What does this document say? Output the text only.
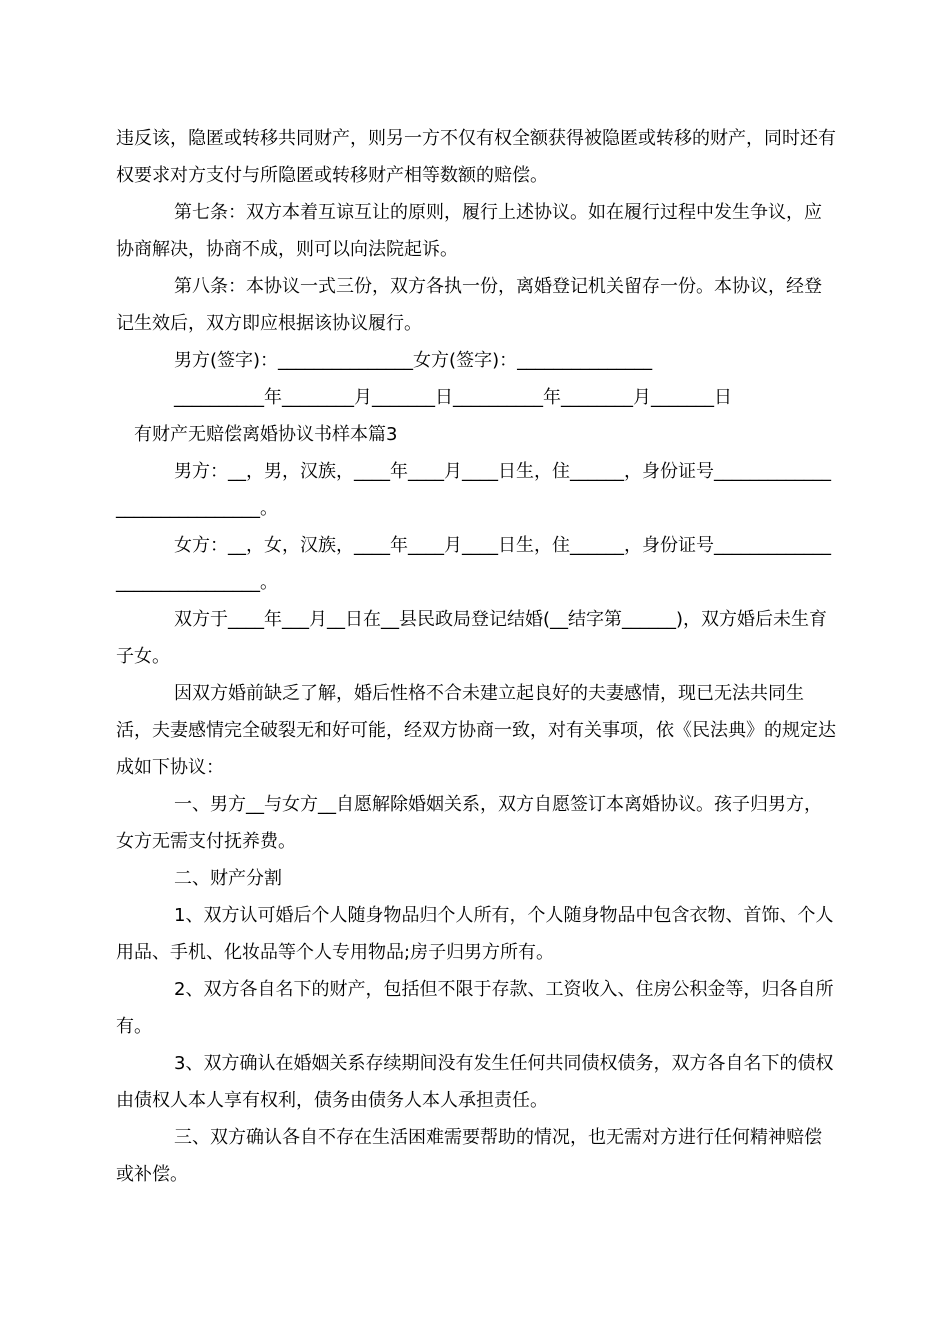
违反该，隐匿或转移共同财产，则另一方不仅有权全额获得被隐匿或转移的财产，同时还有权要求对方支付与所隐匿或转移财产相等数额的赔偿。

第七条：双方本着互谅互让的原则，履行上述协议。如在履行过程中发生争议，应协商解决，协商不成，则可以向法院起诉。

第八条：本协议一式三份，双方各执一份，离婚登记机关留存一份。本协议，经登记生效后，双方即应根据该协议履行。

男方(签字)：_______________女方(签字)：_______________

__________年________月_______日__________年________月_______日

有财产无赔偿离婚协议书样本篇3

男方：__，男，汉族，____年____月____日生，住______，身份证号_____________________________。

女方：__，女，汉族，____年____月____日生，住______，身份证号_____________________________。

双方于____年___月__日在__县民政局登记结婚(__结字第______)，双方婚后未生育子女。

因双方婚前缺乏了解，婚后性格不合未建立起良好的夫妻感情，现已无法共同生活，夫妻感情完全破裂无和好可能，经双方协商一致，对有关事项，依《民法典》的规定达成如下协议：

一、男方__与女方__自愿解除婚姻关系，双方自愿签订本离婚协议。孩子归男方，女方无需支付抚养费。

二、财产分割

1、双方认可婚后个人随身物品归个人所有，个人随身物品中包含衣物、首饰、个人用品、手机、化妆品等个人专用物品;房子归男方所有。

2、双方各自名下的财产，包括但不限于存款、工资收入、住房公积金等，归各自所有。

3、双方确认在婚姻关系存续期间没有发生任何共同债权债务，双方各自名下的债权由债权人本人享有权利，债务由债务人本人承担责任。

三、双方确认各自不存在生活困难需要帮助的情况，也无需对方进行任何精神赔偿或补偿。
